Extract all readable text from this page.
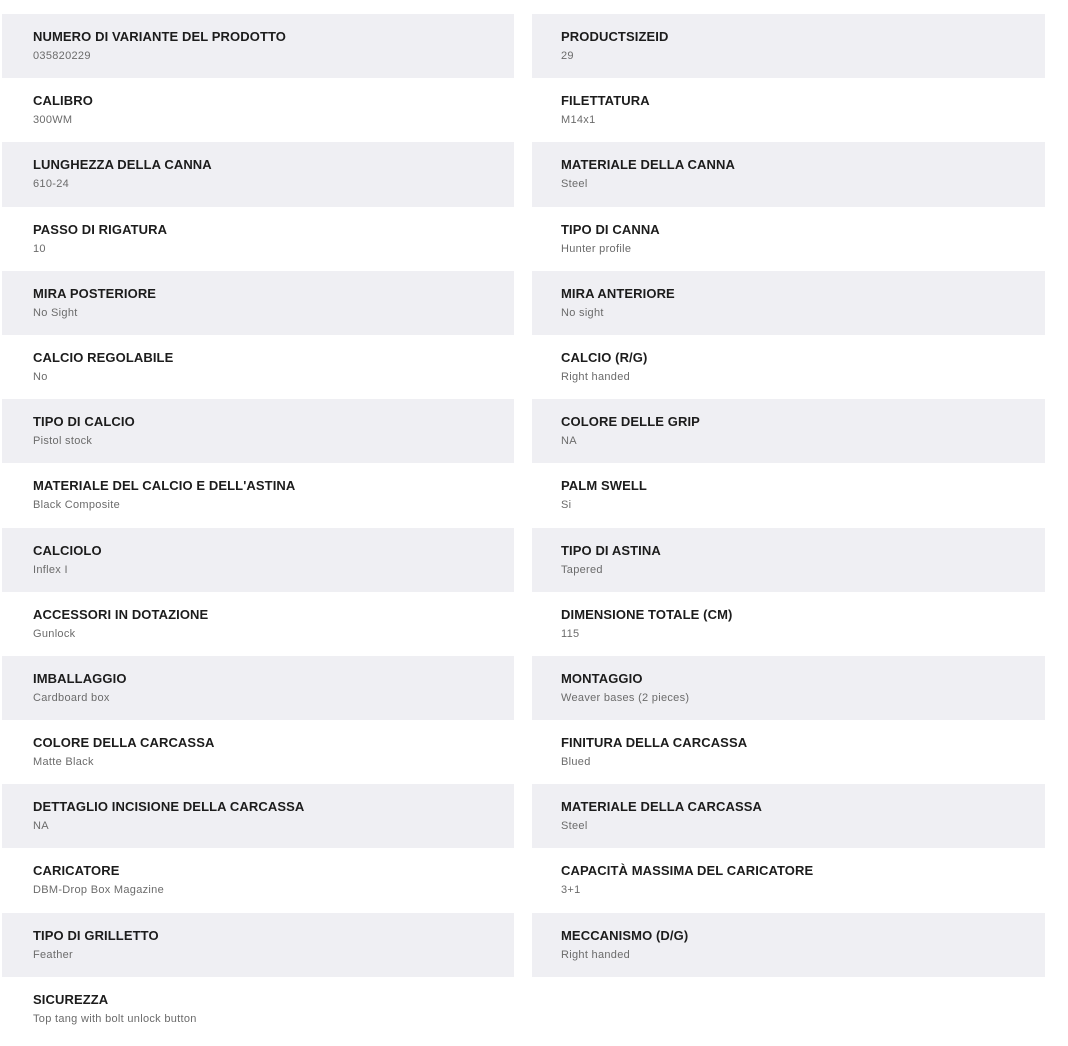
NUMERO DI VARIANTE DEL PRODOTTO
035820229
PRODUCTSIZEID
29
CALIBRO
300WM
FILETTATURA
M14x1
LUNGHEZZA DELLA CANNA
610-24
MATERIALE DELLA CANNA
Steel
PASSO DI RIGATURA
10
TIPO DI CANNA
Hunter profile
MIRA POSTERIORE
No Sight
MIRA ANTERIORE
No sight
CALCIO REGOLABILE
No
CALCIO (R/G)
Right handed
TIPO DI CALCIO
Pistol stock
COLORE DELLE GRIP
NA
MATERIALE DEL CALCIO E DELL'ASTINA
Black Composite
PALM SWELL
Si
CALCIOLO
Inflex I
TIPO DI ASTINA
Tapered
ACCESSORI IN DOTAZIONE
Gunlock
DIMENSIONE TOTALE (CM)
115
IMBALLAGGIO
Cardboard box
MONTAGGIO
Weaver bases (2 pieces)
COLORE DELLA CARCASSA
Matte Black
FINITURA DELLA CARCASSA
Blued
DETTAGLIO INCISIONE DELLA CARCASSA
NA
MATERIALE DELLA CARCASSA
Steel
CARICATORE
DBM-Drop Box Magazine
CAPACITÀ MASSIMA DEL CARICATORE
3+1
TIPO DI GRILLETTO
Feather
MECCANISMO (D/G)
Right handed
SICUREZZA
Top tang with bolt unlock button
